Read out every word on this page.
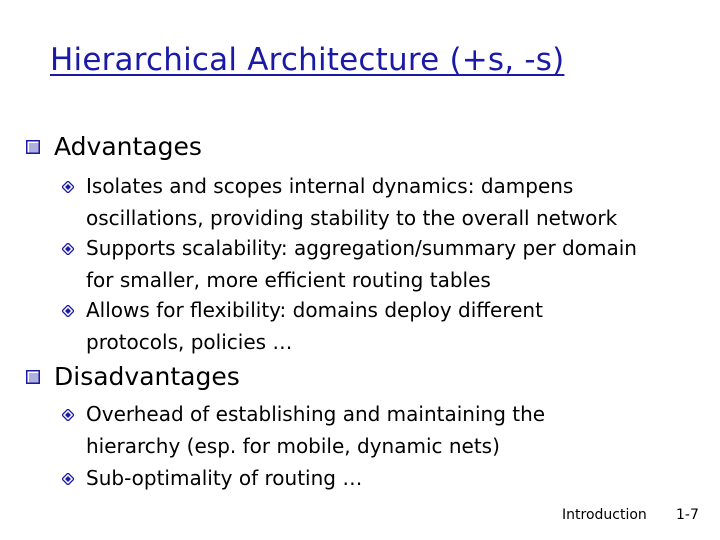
Hierarchical Architecture (+s, -s)
Advantages
Isolates and scopes internal dynamics: dampens
oscillations, providing stability to the overall network
Supports scalability: aggregation/summary per domain
for smaller, more efficient routing tables
Allows for flexibility: domains deploy different
protocols, policies …
Disadvantages
Overhead of establishing and maintaining the
hierarchy (esp. for mobile, dynamic nets)
Sub-optimality of routing …
Introduction 1-7
